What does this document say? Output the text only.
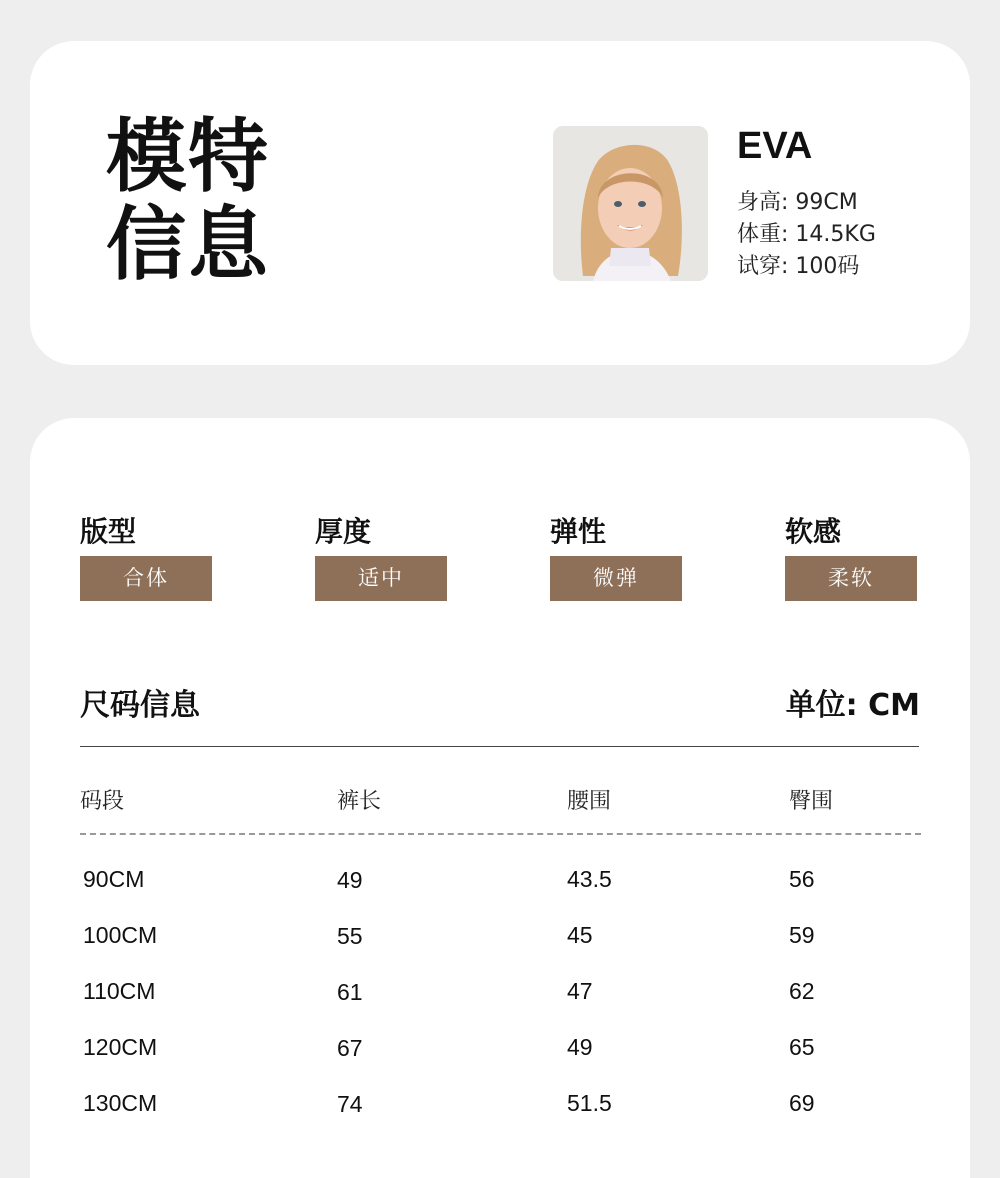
模特
信息
EVA
身高: 99CM
体重: 14.5KG
试穿: 100码
版型
合体
厚度
适中
弹性
微弹
软感
柔软
尺码信息	单位: CM
码段	裤长	腰围	臀围
90CM	49	43.5	56
100CM	55	45	59
110CM	61	47	62
120CM	67	49	65
130CM	74	51.5	69
